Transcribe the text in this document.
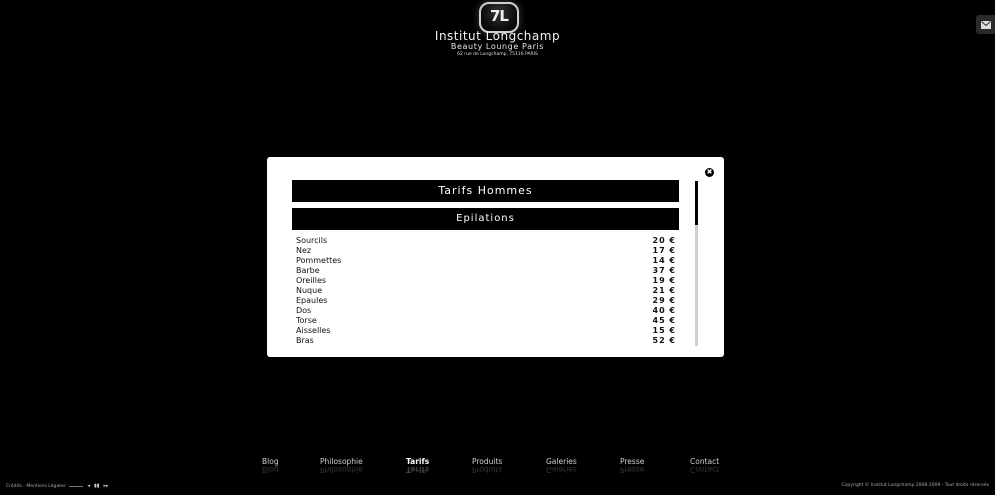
7L
Institut Longchamp
Beauty Lounge Paris
62 rue de Longchamp, 75116 PARIS
✖
Tarifs Hommes
Epilations
Sourcils	20 €
Nez	17 €
Pommettes	14 €
Barbe	37 €
Oreilles	19 €
Nuque	21 €
Epaules	29 €
Dos	40 €
Torse	45 €
Aisselles	15 €
Bras	52 €
Blog
Blog
Philosophie
Philosophie
Tarifs
Tarifs
Produits
Produits
Galeries
Galeries
Presse
Presse
Contact
Contact
Crédits - Mentions Légales	◂ ▮▮ ▸▸	Copyright © Institut Longchamp 2008-2009 - Tout droits réservés
